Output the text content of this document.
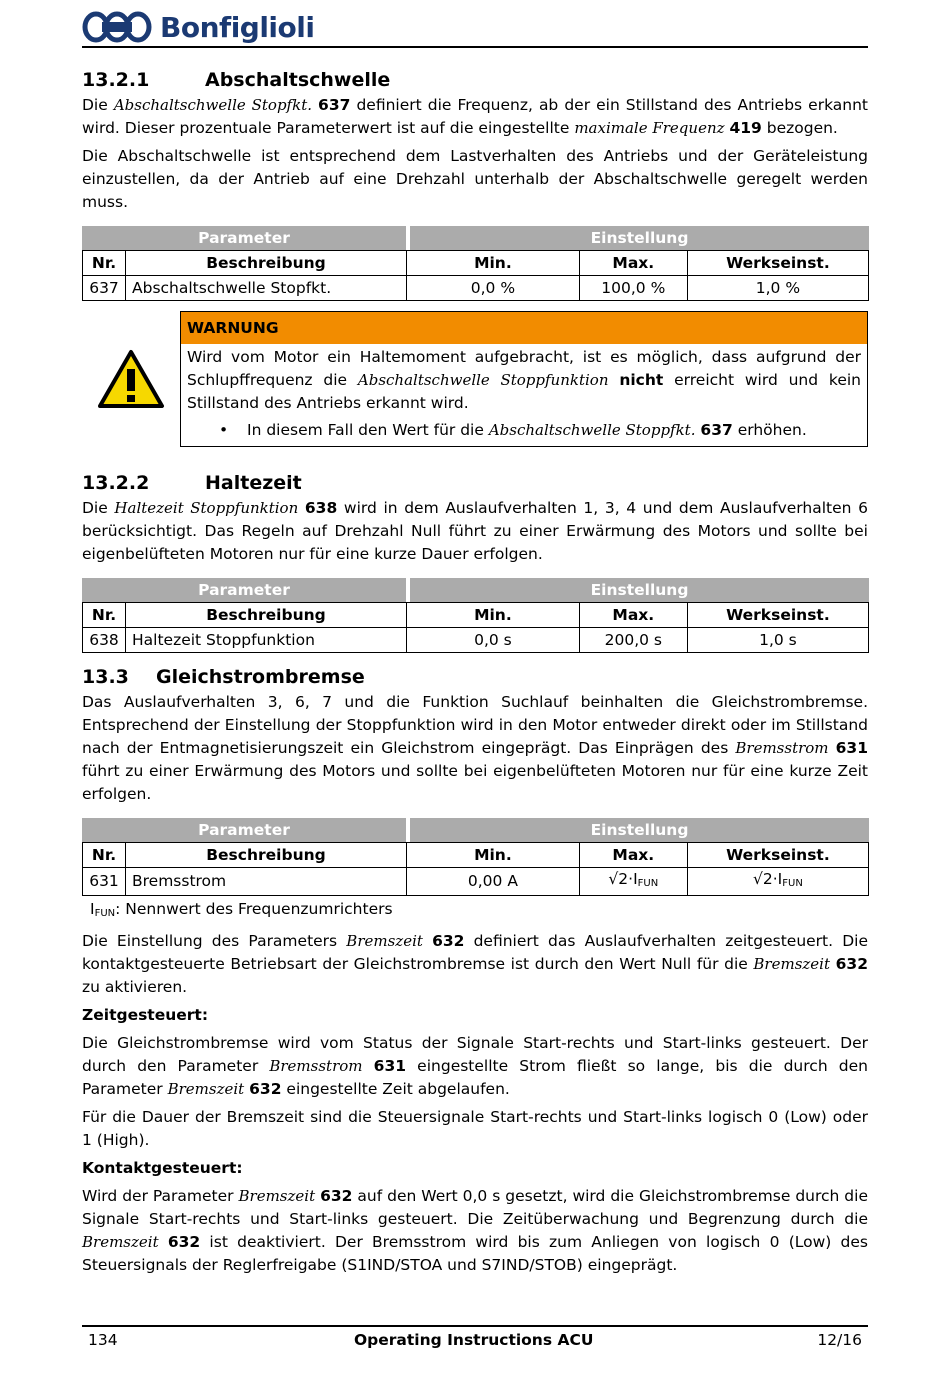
Bonfiglioli
13.2.1	Abschaltschwelle

Die Abschaltschwelle Stopfkt. 637 definiert die Frequenz, ab der ein Stillstand des Antriebs erkannt wird. Dieser prozentuale Parameterwert ist auf die eingestellte maximale Frequenz 419 bezogen.

Die Abschaltschwelle ist entsprechend dem Lastverhalten des Antriebs und der Geräteleistung einzustellen, da der Antrieb auf eine Drehzahl unterhalb der Abschaltschwelle geregelt werden muss.

Parameter			Einstellung		
Nr.	Beschreibung	Min.		Max.	Werkseinst.
637	Abschaltschwelle Stopfkt.	0,0 %		100,0 %	1,0 %
WARNUNG
Wird vom Motor ein Haltemoment aufgebracht, ist es möglich, dass aufgrund der Schlupffrequenz die Abschaltschwelle Stoppfunktion nicht erreicht wird und kein Stillstand des Antriebs erkannt wird.
•	In diesem Fall den Wert für die Abschaltschwelle Stoppfkt. 637 erhöhen.
13.2.2	Haltezeit

Die Haltezeit Stoppfunktion 638 wird in dem Auslaufverhalten 1, 3, 4 und dem Auslaufverhalten 6 berücksichtigt. Das Regeln auf Drehzahl Null führt zu einer Erwärmung des Motors und sollte bei eigenbelüfteten Motoren nur für eine kurze Dauer erfolgen.

Parameter			Einstellung		
Nr.	Beschreibung	Min.		Max.	Werkseinst.
638	Haltezeit Stoppfunktion	0,0 s		200,0 s	1,0 s
13.3	Gleichstrombremse

Das Auslaufverhalten 3, 6, 7 und die Funktion Suchlauf beinhalten die Gleichstrombremse. Entsprechend der Einstellung der Stoppfunktion wird in den Motor entweder direkt oder im Stillstand nach der Entmagnetisierungszeit ein Gleichstrom eingeprägt. Das Einprägen des Bremsstrom 631 führt zu einer Erwärmung des Motors und sollte bei eigenbelüfteten Motoren nur für eine kurze Zeit erfolgen.

Parameter			Einstellung		
Nr.	Beschreibung	Min.		Max.	Werkseinst.
631	Bremsstrom	0,00 A		$√2\cdot I_{FUN}$	$√2\cdot I_{FUN}$

$I_{FUN}$: Nennwert des Frequenzumrichters

Die Einstellung des Parameters Bremszeit 632 definiert das Auslaufverhalten zeitgesteuert. Die kontaktgesteuerte Betriebsart der Gleichstrombremse ist durch den Wert Null für die Bremszeit 632 zu aktivieren.

Zeitgesteuert:

Die Gleichstrombremse wird vom Status der Signale Start-rechts und Start-links gesteuert. Der durch den Parameter Bremsstrom 631 eingestellte Strom fließt so lange, bis die durch den Parameter Bremszeit 632 eingestellte Zeit abgelaufen.

Für die Dauer der Bremszeit sind die Steuersignale Start-rechts und Start-links logisch 0 (Low) oder 1 (High).

Kontaktgesteuert:

Wird der Parameter Bremszeit 632 auf den Wert 0,0 s gesetzt, wird die Gleichstrombremse durch die Signale Start-rechts und Start-links gesteuert. Die Zeitüberwachung und Begrenzung durch die Bremszeit 632 ist deaktiviert. Der Bremsstrom wird bis zum Anliegen von logisch 0 (Low) des Steuersignals der Reglerfreigabe (S1IND/STOA und S7IND/STOB) eingeprägt.

134	Operating Instructions ACU	12/16
